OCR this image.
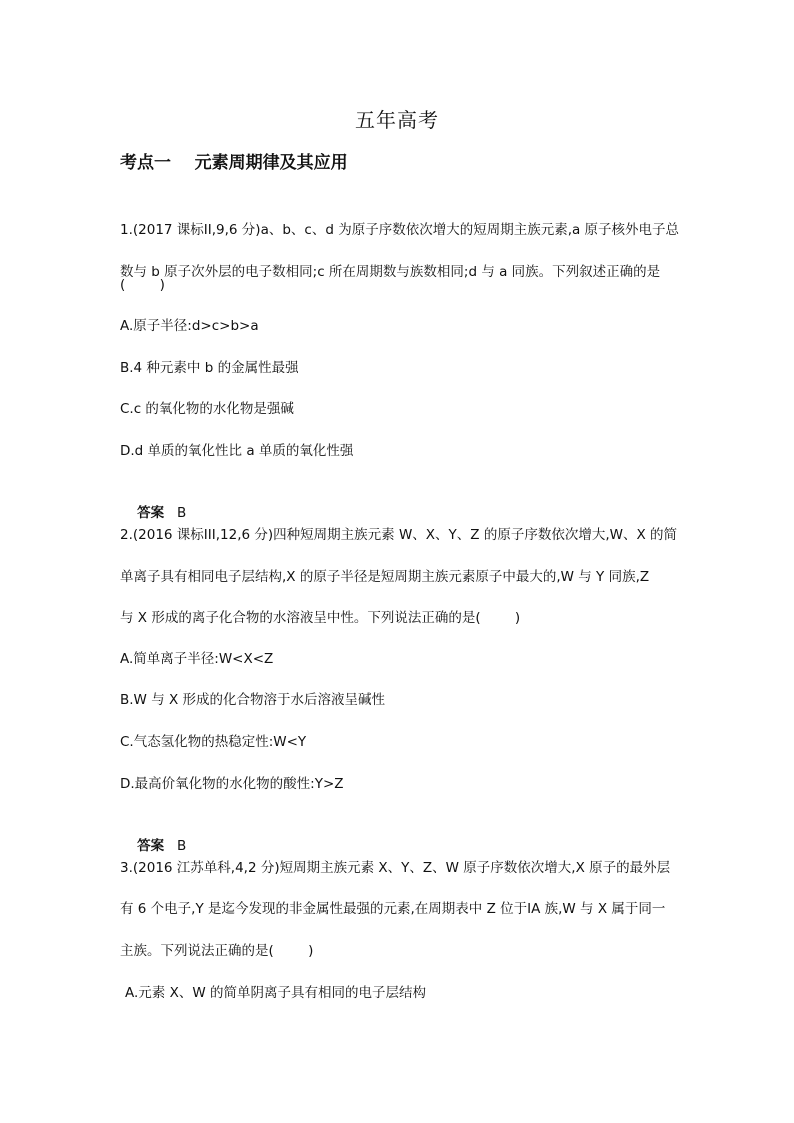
五年高考
考点一    元素周期律及其应用
1.(2017 课标II,9,6 分)a、b、c、d 为原子序数依次增大的短周期主族元素,a 原子核外电子总
数与 b 原子次外层的电子数相同;c 所在周期数与族数相同;d 与 a 同族。下列叙述正确的是
(        )
A.原子半径:d>c>b>a
B.4 种元素中 b 的金属性最强
C.c 的氧化物的水化物是强碱
D.d 单质的氧化性比 a 单质的氧化性强

答案 B

2.(2016 课标III,12,6 分)四种短周期主族元素 W、X、Y、Z 的原子序数依次增大,W、X 的简
单离子具有相同电子层结构,X 的原子半径是短周期主族元素原子中最大的,W 与 Y 同族,Z
与 X 形成的离子化合物的水溶液呈中性。下列说法正确的是(        )
A.简单离子半径:W<X<Z
B.W 与 X 形成的化合物溶于水后溶液呈碱性
C.气态氢化物的热稳定性:W<Y
D.最高价氧化物的水化物的酸性:Y>Z

答案 B

3.(2016 江苏单科,4,2 分)短周期主族元素 X、Y、Z、W 原子序数依次增大,X 原子的最外层
有 6 个电子,Y 是迄今发现的非金属性最强的元素,在周期表中 Z 位于IA 族,W 与 X 属于同一
主族。下列说法正确的是(        )
A.元素 X、W 的简单阴离子具有相同的电子层结构
